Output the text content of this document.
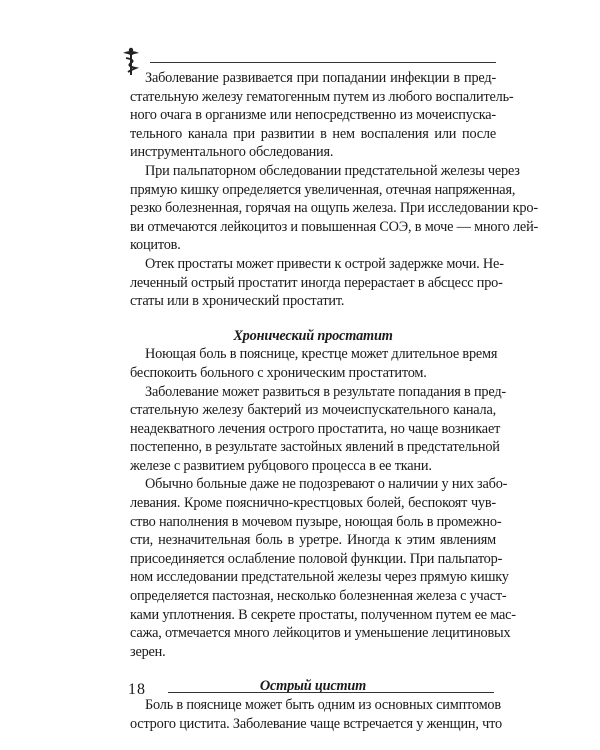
Заболевание развивается при попадании инфекции в пред-
стательную железу гематогенным путем из любого воспалитель-
ного очага в организме или непосредственно из мочеиспуска-
тельного канала при развитии в нем воспаления или после
инструментального обследования.
При пальпаторном обследовании предстательной железы через
прямую кишку определяется увеличенная, отечная напряженная,
резко болезненная, горячая на ощупь железа. При исследовании кро-
ви отмечаются лейкоцитоз и повышенная СОЭ, в моче — много лей-
коцитов.
Отек простаты может привести к острой задержке мочи. Не-
леченный острый простатит иногда перерастает в абсцесс про-
статы или в хронический простатит.
Хронический простатит
Ноющая боль в пояснице, крестце может длительное время
беспокоить больного с хроническим простатитом.
Заболевание может развиться в результате попадания в пред-
стательную железу бактерий из мочеиспускательного канала,
неадекватного лечения острого простатита, но чаще возникает
постепенно, в результате застойных явлений в предстательной
железе с развитием рубцового процесса в ее ткани.
Обычно больные даже не подозревают о наличии у них забо-
левания. Кроме пояснично-крестцовых болей, беспокоят чув-
ство наполнения в мочевом пузыре, ноющая боль в промежно-
сти, незначительная боль в уретре. Иногда к этим явлениям
присоединяется ослабление половой функции. При пальпатор-
ном исследовании предстательной железы через прямую кишку
определяется пастозная, несколько болезненная железа с участ-
ками уплотнения. В секрете простаты, полученном путем ее мас-
сажа, отмечается много лейкоцитов и уменьшение лецитиновых
зерен.
Острый цистит
Боль в пояснице может быть одним из основных симптомов
острого цистита. Заболевание чаще встречается у женщин, что
18
